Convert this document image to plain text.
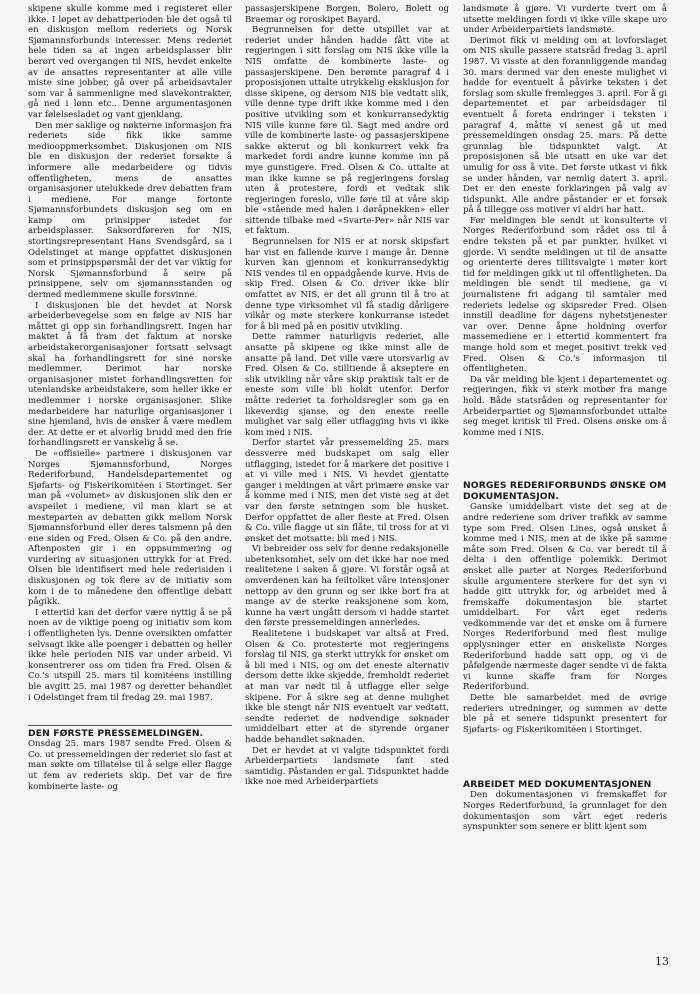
skipene skulle komme med i registeret eller ikke. I løpet av debattperioden ble det også til en diskusjon mellom rederiets og Norsk Sjømannsforbunds interesser. Mens rederiet hele tiden sa at ingen arbeidsplasser blir berørt ved overgangen til NIS, hevdet enkelte av de ansattes representanter at alle ville miste sine jobber, gå over på arbeidsavtaler som var å sammenligne med slavekontrakter, gå ned i lønn etc.. Denne argumentasjonen var følelsesladet og vant gjenklang.

Den mer saklige og nøkterne informasjon fra rederiets side fikk ikke samme mediooppmerksomhet. Diskusjonen om NIS ble en diskusjon der rederiet forsøkte å informere alle medarbeidere og tidvis offentligheten, mens de ansattes organisasjoner utelukkede drev debatten fram i mediene. For mange fortonte Sjømannsforbundets diskusjon seg om en kamp om prinsipper istedet for arbeidsplasser. Saksordføreren for NIS, stortingsrepresentant Hans Svendsgård, sa i Odelstinget at mange oppfattet diskusjonen som et prinsippspørsmål der det var viktig for Norsk Sjømannsforbund å seire på prinsippene, selv om sjømannsstanden og dermed medlemmene skulle forsvinne.

I diskusjonen ble det hevdet at Norsk arbeiderbevegelse som en følge av NIS har måttet gi opp sin forhandlingsrett. Ingen har maktet å få fram det faktum at norske arbeidstakerorganisasjoner fortsatt selvsagt skal ha forhandlingsrett for sine norske medlemmer. Derimot har norske organisasjoner mistet forhandlingsretten for utenlandske arbeidstakere, som heller ikke er medlemmer i norske organisasjoner. Slike medarbeidere har naturlige organisasjoner i sine hjemland, hvis de ønsker å være medlem der. At dette er et alvorlig brudd med den frie forhandlingsrett er vanskelig å se.

De «offisielle» partnere i diskusjonen var Norges Sjømannsforbund, Norges Rederiforbund, Handelsdepartementet og Sjøfarts- og Fiskerikomitéen i Stortinget. Ser man på «volumet» av diskusjonen slik den er avspeilet i mediene, vil man klart se at mesteparten av debatten gikk mellom Norsk Sjømannsforbund eller deres talsmenn på den ene siden og Fred. Olsen & Co. på den andre. Aftenposten gir i en oppsummering og vurdering av situasjonen uttrykk for at Fred. Olsen ble identifisert med hele rederisiden i diskusjonen og tok flere av de initiativ som kom i de to månedene den offentlige debatt pågikk.

I ettertid kan det derfor være nyttig å se på noen av de viktige poeng og initiativ som kom i offentligheten lys. Denne oversikten omfatter selvsagt ikke alle poenger i debatten og heller ikke hele perioden NIS var under arbeid. Vi konsentrerer oss om tiden fra Fred. Olsen & Co.'s utspill 25. mars til komitéens instilling ble avgitt 25. mai 1987 og deretter behandlet i Odelstinget fram til fredag 29. mai 1987.

DEN FØRSTE PRESSEMELDINGEN.

Onsdag 25. mars 1987 sendte Fred. Olsen & Co. ut pressemeldingen der rederiet slo fast at man søkte om tillatelse til å selge eller flagge ut fem av rederiets skip. Det var de fire kombinerte laste- og

passasjerskipene Borgen, Bolero, Bolett og Braemar og roroskipet Bayard.

Begrunnelsen for dette utspillet var at rederiet under hånden hadde fått vite at regjeringen i sitt forslag om NIS ikke ville la NIS omfatte de kombinerte laste- og passasjerskipene. Den berømte paragraf 4 i proposisjonen uttalte utrykkelig eksklusjon for disse skipene, og dersom NIS ble vedtatt slik, ville denne type drift ikke komme med i den positive utvikling som et konkurransedyktig NIS ville kunne føre til. Sagt med andre ord ville de kombinerte laste- og passasjerskipene sakke akterut og bli konkurrert vekk fra markedet fordi andre kunne komme inn på mye gunstigere. Fred. Olsen & Co. uttalte at man ikke kunne se på regjeringens forslag uten å protestere, fordi et vedtak slik regjeringen foreslo, ville føre til at våre skip ble «stående med halen i døråpnekken» eller sittende tilbake med «Svarte-Per» når NIS var et faktum.

Begrunnelsen for NIS er at norsk skipsfart har vist en fallende kurve i mange år. Denne kurven kan gjennom et konkurransedyktig NIS vendes til en oppadgående kurve. Hvis de skip Fred. Olsen & Co. driver ikke blir omfattet av NIS, er det all grunn til å tro at denne type virksomhet vil få stadig dårligere vilkår og møte sterkere konkurranse istedet for å bli med på en positiv utvikling.

Dette rammer naturligvis rederiet, alle ansatte på skipene og ikke minst alle de ansatte på land. Det ville være utorsvarlig av Fred. Olsen & Co. stilltiende å akseptere en slik utvikling når våre skip praktisk talt er de eneste som ville bli holdt utenfor. Derfor måtte rederiet ta forholdsregler som ga en likeverdig sjanse, og den eneste reelle mulighet var salg eller utflagging hvis vi ikke kom med i NIS.

Derfor startet vår pressemelding 25. mars dessverre med budskapet om salg eller utflagging, istedet for å markere det positive i at vi ville med i NIS. Vi hevdet gjentatte ganger i meldingen at vårt primære ønske var å komme med i NIS, men det viste seg at det var den første setningen som ble husket. Derfor oppfattet de aller fleste at Fred. Olsen & Co. ville flagge ut sin flåte, til tross for at vi ønsket det motsatte: bli med i NIS.

Vi bebreider oss selv for denne redaksjonelle ubetenksomhet, selv om det ikke har noe med realitetene i saken å gjøre. Vi forstår også at omverdenen kan ha feiltolket våre intensjoner nettopp av den grunn og ser ikke bort fra at mange av de sterke reaksjonene som kom, kunne ha vært ungått dersom vi hadde startet den første pressemeldingen annerledes.

Realitetene i budskapet var altså at Fred. Olsen & Co. protesterte mot regjeringens forslag til NIS, ga sterkt uttrykk for ønsket om å bli med i NIS, og om det eneste alternativ dersom dette ikke skjedde, fremholdt rederiet at man var nødt til å utflagge eller selge skipene. For å sikre seg at denne mulighet ikke ble stengt når NIS eventuelt var vedtatt, sendte rederiet de nødvendige søknader umiddelbart etter at de styrende organer hadde behandlet søknaden.

Det er hevdet at vi valgte tidspunktet fordi Arbeiderpartiets landsmøte fant sted samtidig. Påstanden er gal. Tidspunktet hadde ikke noe med Arbeiderpartiets

landsmøte å gjøre. Vi vurderte tvert om å utsette meldingen fordi vi ikke ville skape uro under Arbeiderpartiets landsmøte.

Derimot fikk vi melding om at lovforslaget om NIS skulle passere statsråd fredag 3. april 1987. Vi visste at den forannliggende mandag 30. mars dermed var den eneste mulighet vi hadde for eventuelt å påvirke teksten i det forslag som skulle fremlegges 3. april. For å gi departementet et par arbeidsdager til eventuelt å foreta endringer i teksten i paragraf 4, måtte vi senest gå ut med pressemeldingen onsdag 25. mars. På dette grunnlag ble tidspunktet valgt. At proposisjonen så ble utsatt en uke var det umulig for oss å vite. Det første utkast vi fikk se under hånden, var nemlig datert 3. april. Det er den eneste forklaringen på valg av tidspunkt. Alle andre påstander er et forsøk på å tillegge oss motiver vi aldri har hatt.

Før meldingen ble sendt ut konsulterte vi Norges Rederiforbund som rådet oss til å endre teksten på et par punkter, hvilket vi gjorde. Vi sendte meldingen ut til de ansatte og orienterte deres tillitsvalgte i møter kort tid før meldingen gikk ut til offentligheten. Da meldingen ble sendt til mediene, ga vi journalistene fri adgang til samtaler med rederiets ledelse og skipsreder Fred. Olsen innstill deadline for dagens nyhetstjenester var over. Denne åpne holdning overfor massemediene er i ettertid kommentert fra mange hold som et meget positivt trekk ved Fred. Olsen & Co.'s informasjon til offentligheten.

Da vår melding ble kjent i departementet og regjeringen, fikk vi sterk motbør fra mange hold. Både statsråden og representanter for Arbeiderpartiet og Sjømannsforbundet uttalte seg meget kritisk til Fred. Olsens ønske om å komme med i NIS.

NORGES REDERIFORBUNDS ØNSKE OM DOKUMENTASJON.

Ganske umiddelbart viste det seg at de andre rederiene som driver trafikk av samme type som Fred. Olsen Lines, også ønsket å komme med i NIS, men at de ikke på samme måte som Fred. Olsen & Co. var beredt til å delta i den offentlige polemikk. Derimot ønsket alle parter at Norges Rederiforbund skulle argumentere sterkere for det syn vi hadde gitt uttrykk for, og arbeidet med å fremskaffe dokumentasjon ble startet umiddelbart. For vårt eget rederis vedkommende var det et ønske om å furnere Norges Rederiforbund med flest mulige opplysninger etter en ønskeliste Norges Rederiforbund hadde satt opp, og vi de påfølgende nærmeste dager sendte vi de fakta vi kunne skaffe fram for Norges Rederiforbund.

Dette ble samarbeidet med de øvrige rederiers utredninger, og summen av dette ble på et senere tidspunkt presentert for Sjøfarts- og Fiskerikomitéen i Stortinget.

ARBEIDET MED DOKUMENTASJONEN

Den dokumentasjonen vi fremskaffet for Norges Rederiforbund, la grunnlaget for den dokumentasjon som vårt eget rederis synspunkter som senere er blitt kjent som

13
